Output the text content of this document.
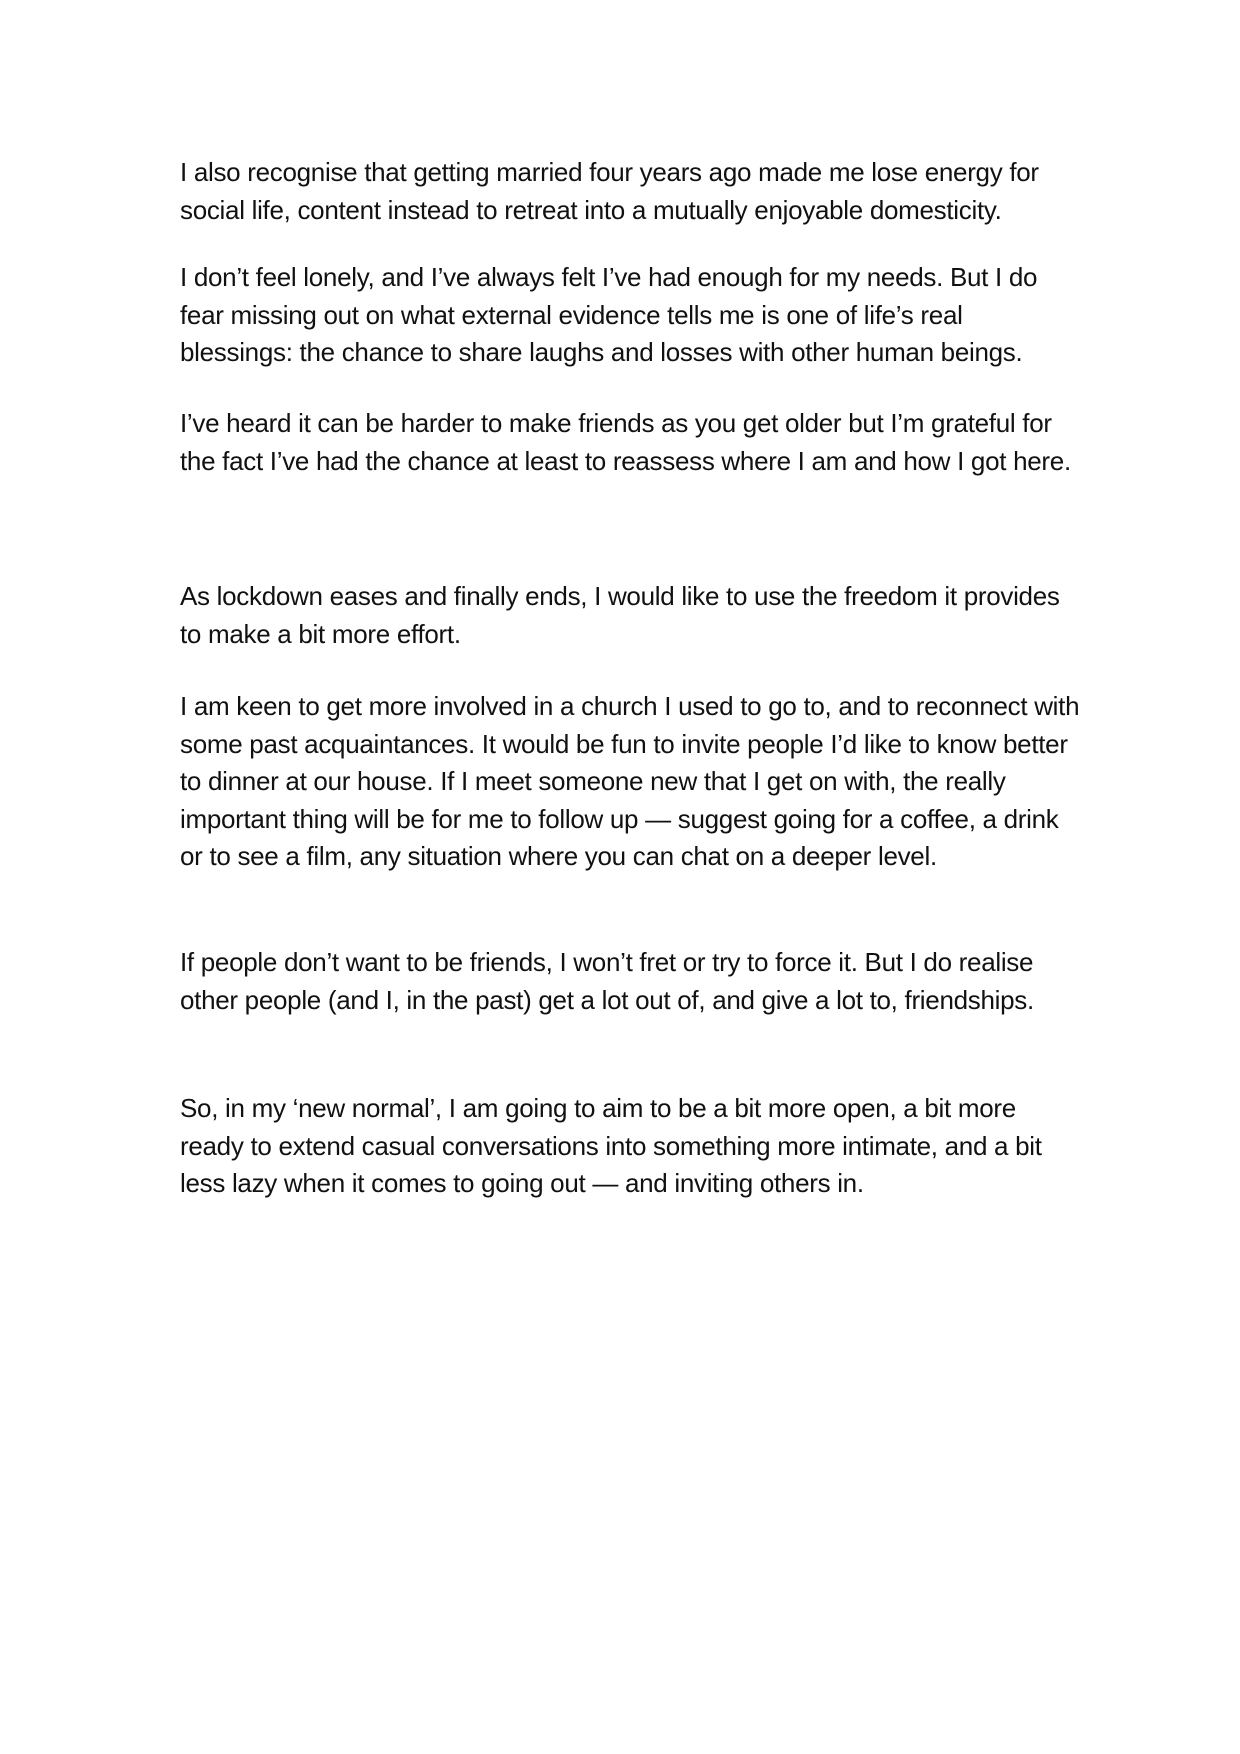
I also recognise that getting married four years ago made me lose energy for social life, content instead to retreat into a mutually enjoyable domesticity.

I don’t feel lonely, and I’ve always felt I’ve had enough for my needs. But I do fear missing out on what external evidence tells me is one of life’s real blessings: the chance to share laughs and losses with other human beings.

I’ve heard it can be harder to make friends as you get older but I’m grateful for the fact I’ve had the chance at least to reassess where I am and how I got here.

As lockdown eases and finally ends, I would like to use the freedom it provides to make a bit more effort.

I am keen to get more involved in a church I used to go to, and to reconnect with some past acquaintances. It would be fun to invite people I’d like to know better to dinner at our house. If I meet someone new that I get on with, the really important thing will be for me to follow up — suggest going for a coffee, a drink or to see a film, any situation where you can chat on a deeper level.

If people don’t want to be friends, I won’t fret or try to force it. But I do realise other people (and I, in the past) get a lot out of, and give a lot to, friendships.

So, in my ‘new normal’, I am going to aim to be a bit more open, a bit more ready to extend casual conversations into something more intimate, and a bit less lazy when it comes to going out — and inviting others in.
